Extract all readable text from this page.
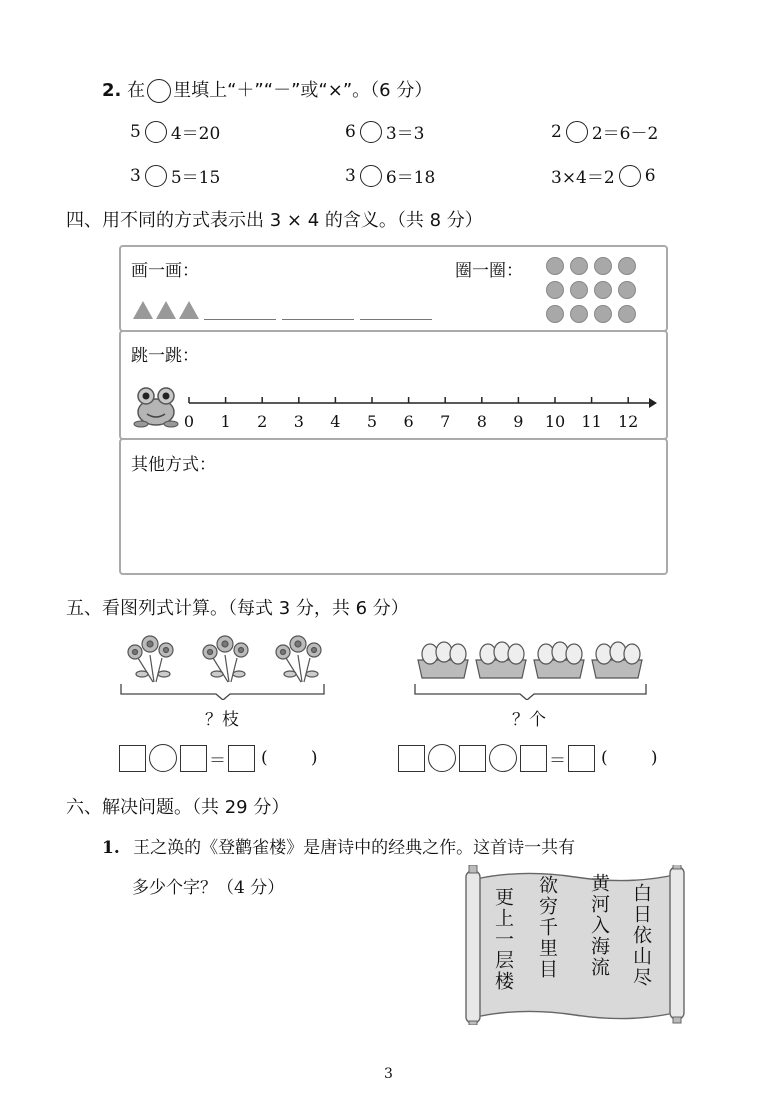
2. 在 里填上“＋”“－”或“×”。（6 分）
5 4＝20	6 3＝3	2 2＝6－2
3 5＝15	3 6＝18	3×4＝2 6
四、用不同的方式表示出 3 × 4 的含义。（共 8 分）
画一画：	圈一圈：
跳一跳：
0	1	2	3	4	5	6	7	8	9	10	11	12
其他方式：
五、看图列式计算。（每式 3 分，共 6 分）
？枝	？个
＝ (        )	＝ (        )
六、解决问题。（共 29 分）
1. 王之涣的《登鹳雀楼》是唐诗中的经典之作。这首诗一共有
多少个字？（4 分）	白日依山尽
黄河入海流
欲穷千里目
更上一层楼
3
